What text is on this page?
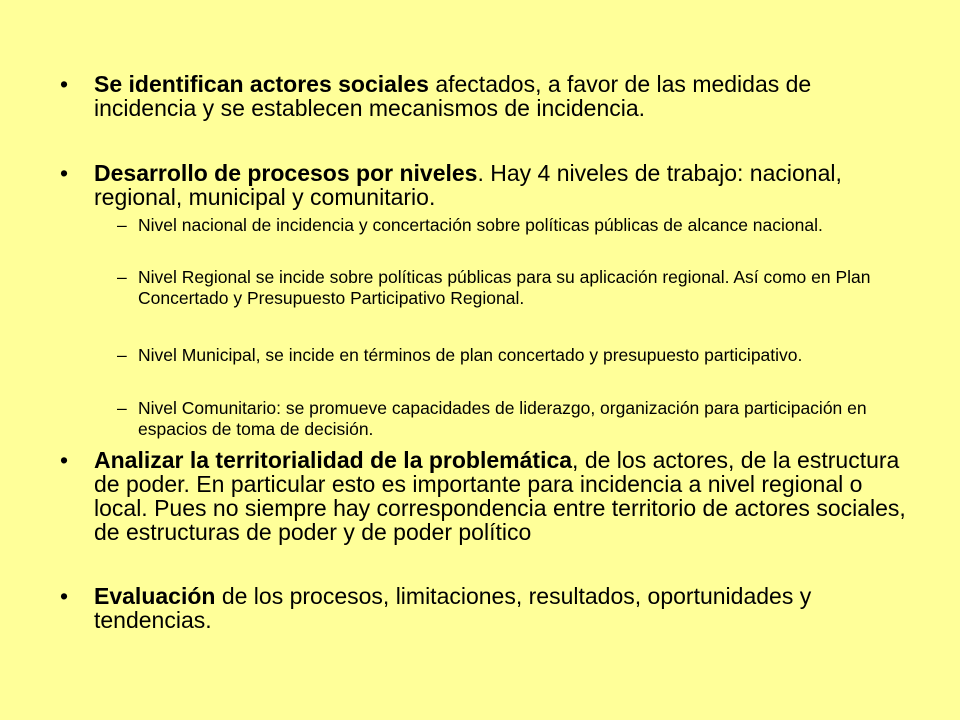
• Se identifican actores sociales afectados, a favor de las medidas de incidencia y se establecen mecanismos de incidencia.
• Desarrollo de procesos por niveles. Hay 4 niveles de trabajo: nacional, regional, municipal y comunitario.
– Nivel nacional de incidencia y concertación sobre políticas públicas de alcance nacional.
– Nivel Regional se incide sobre políticas públicas para su aplicación regional. Así como en Plan Concertado y Presupuesto Participativo Regional.
– Nivel Municipal, se incide en términos de plan concertado y presupuesto participativo.
– Nivel Comunitario: se promueve capacidades de liderazgo, organización para participación en espacios de toma de decisión.
• Analizar la territorialidad de la problemática, de los actores, de la estructura de poder. En particular esto es importante para incidencia a nivel regional o local. Pues no siempre hay correspondencia entre territorio de actores sociales, de estructuras de poder y de poder político
• Evaluación de los procesos, limitaciones, resultados, oportunidades y tendencias.
